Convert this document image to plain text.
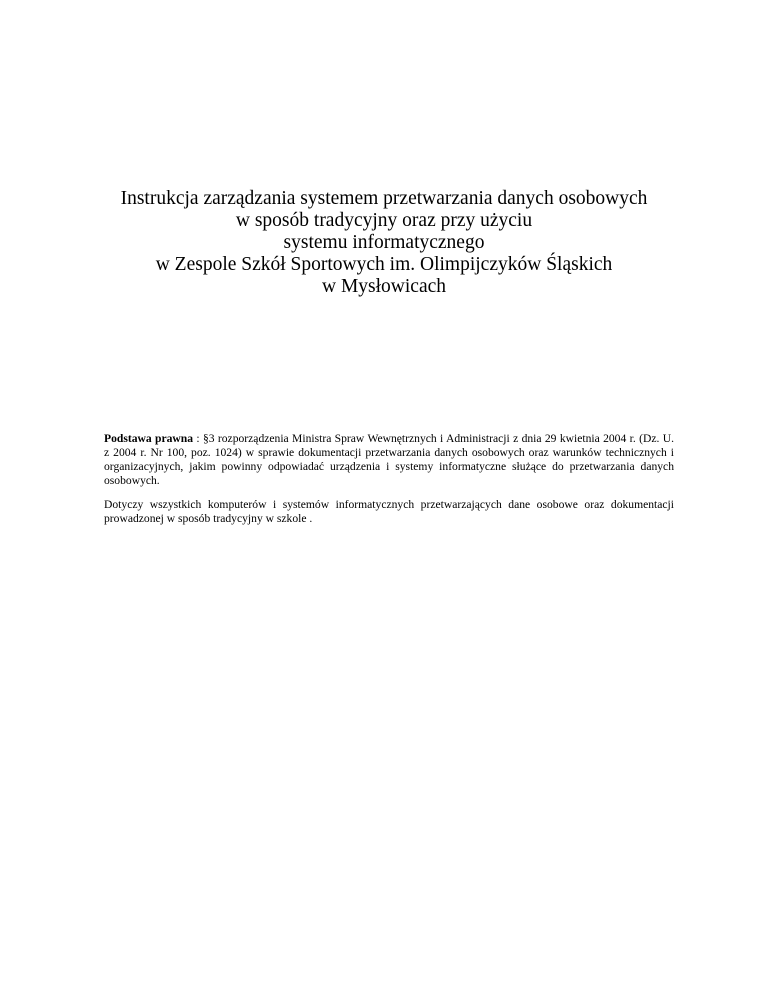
Instrukcja zarządzania systemem przetwarzania danych osobowych
w sposób tradycyjny oraz przy użyciu
systemu informatycznego
w Zespole Szkół Sportowych im. Olimpijczyków Śląskich
w Mysłowicach

Podstawa prawna : §3 rozporządzenia Ministra Spraw Wewnętrznych i Administracji z dnia 29 kwietnia 2004 r. (Dz. U. z 2004 r. Nr 100, poz. 1024) w sprawie dokumentacji przetwarzania danych osobowych oraz warunków technicznych i organizacyjnych, jakim powinny odpowiadać urządzenia i systemy informatyczne służące do przetwarzania danych osobowych.

Dotyczy wszystkich komputerów i systemów informatycznych przetwarzających dane osobowe oraz dokumentacji prowadzonej w sposób tradycyjny w szkole .
